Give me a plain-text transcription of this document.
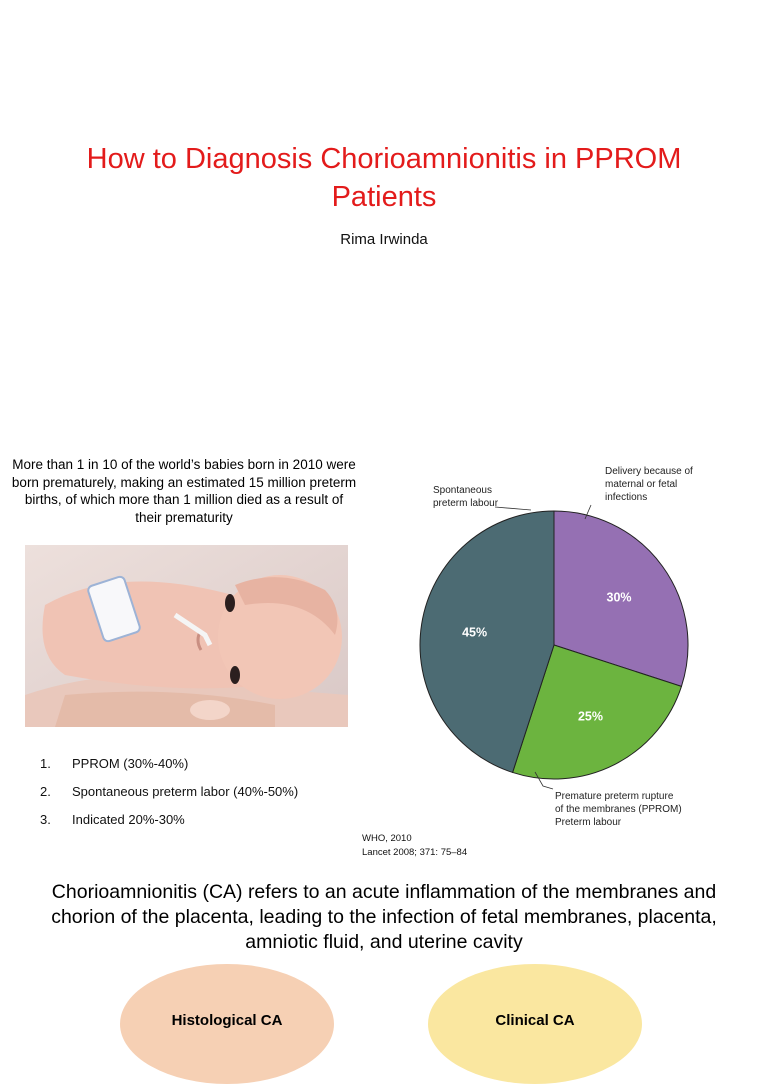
How to Diagnosis Chorioamnionitis in PPROM Patients
Rima Irwinda
More than 1 in 10 of the world’s babies born in 2010 were born prematurely, making an estimated 15 million preterm births, of which more than 1 million died as a result of their prematurity
1.	PPROM (30%-40%)
2.	Spontaneous preterm labor (40%-50%)
3.	Indicated 20%-30%
30%
25%
45%
Spontaneous
preterm labour
Delivery because of
maternal or fetal
infections
Premature preterm rupture
of the membranes (PPROM)
Preterm labour
WHO, 2010
Lancet 2008; 371: 75–84
Chorioamnionitis (CA) refers to an acute inflammation of the membranes and chorion of the placenta, leading to the infection of fetal membranes, placenta, amniotic fluid, and uterine cavity
Histological CA	Clinical CA
